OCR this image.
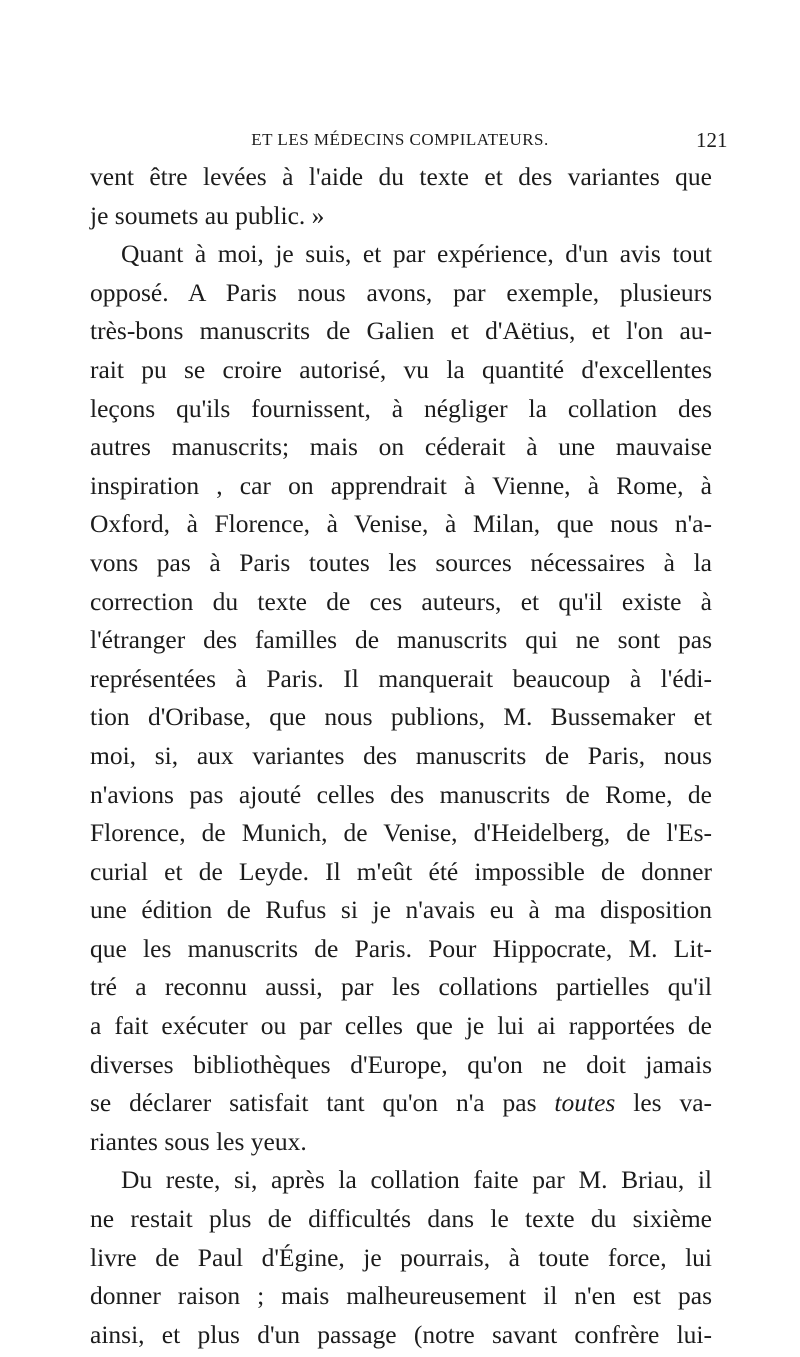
ET LES MÉDECINS COMPILATEURS.	121
vent être levées à l'aide du texte et des variantes que
je soumets au public. »
Quant à moi, je suis, et par expérience, d'un avis tout
opposé. A Paris nous avons, par exemple, plusieurs
très-bons manuscrits de Galien et d'Aëtius, et l'on au-
rait pu se croire autorisé, vu la quantité d'excellentes
leçons qu'ils fournissent, à négliger la collation des
autres manuscrits; mais on céderait à une mauvaise
inspiration , car on apprendrait à Vienne, à Rome, à
Oxford, à Florence, à Venise, à Milan, que nous n'a-
vons pas à Paris toutes les sources nécessaires à la
correction du texte de ces auteurs, et qu'il existe à
l'étranger des familles de manuscrits qui ne sont pas
représentées à Paris. Il manquerait beaucoup à l'édi-
tion d'Oribase, que nous publions, M. Bussemaker et
moi, si, aux variantes des manuscrits de Paris, nous
n'avions pas ajouté celles des manuscrits de Rome, de
Florence, de Munich, de Venise, d'Heidelberg, de l'Es-
curial et de Leyde. Il m'eût été impossible de donner
une édition de Rufus si je n'avais eu à ma disposition
que les manuscrits de Paris. Pour Hippocrate, M. Lit-
tré a reconnu aussi, par les collations partielles qu'il
a fait exécuter ou par celles que je lui ai rapportées de
diverses bibliothèques d'Europe, qu'on ne doit jamais
se déclarer satisfait tant qu'on n'a pas toutes les va-
riantes sous les yeux.
Du reste, si, après la collation faite par M. Briau, il
ne restait plus de difficultés dans le texte du sixième
livre de Paul d'Égine, je pourrais, à toute force, lui
donner raison ; mais malheureusement il n'en est pas
ainsi, et plus d'un passage (notre savant confrère lui-
